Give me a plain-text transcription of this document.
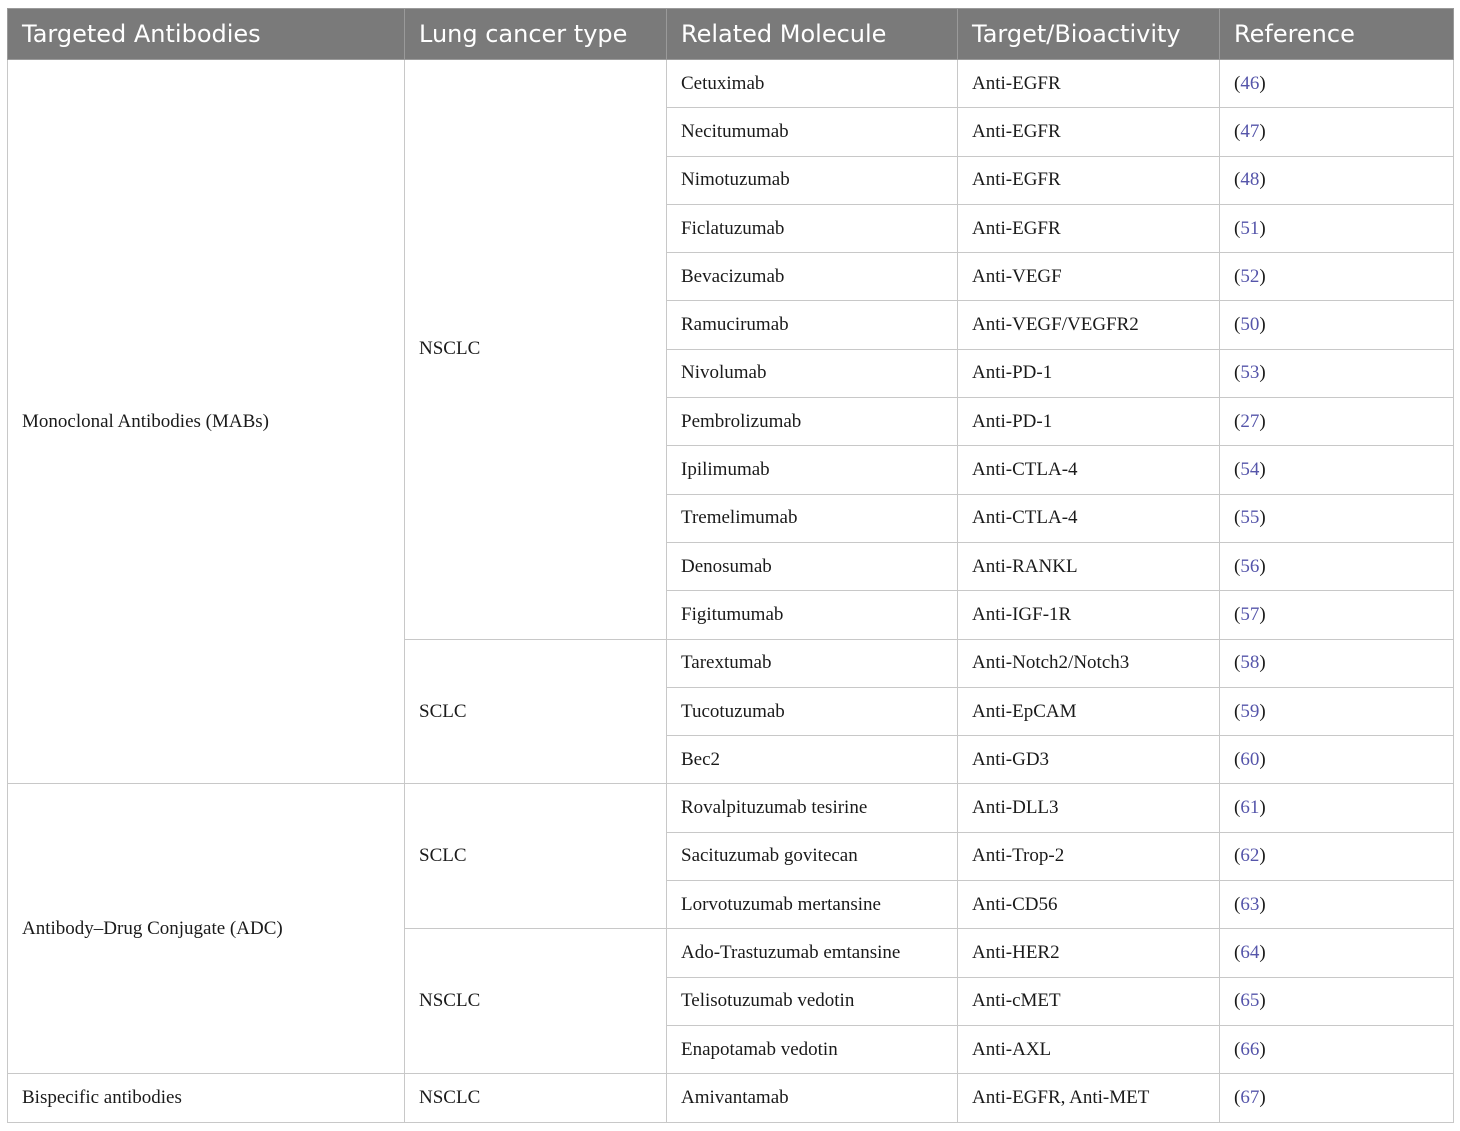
Targeted Antibodies	Lung cancer type	Related Molecule	Target/Bioactivity	Reference
Monoclonal Antibodies (MABs)	NSCLC	Cetuximab	Anti-EGFR	(46)
		Necitumumab	Anti-EGFR	(47)
		Nimotuzumab	Anti-EGFR	(48)
		Ficlatuzumab	Anti-EGFR	(51)
		Bevacizumab	Anti-VEGF	(52)
		Ramucirumab	Anti-VEGF/VEGFR2	(50)
		Nivolumab	Anti-PD-1	(53)
		Pembrolizumab	Anti-PD-1	(27)
		Ipilimumab	Anti-CTLA-4	(54)
		Tremelimumab	Anti-CTLA-4	(55)
		Denosumab	Anti-RANKL	(56)
		Figitumumab	Anti-IGF-1R	(57)
	SCLC	Tarextumab	Anti-Notch2/Notch3	(58)
		Tucotuzumab	Anti-EpCAM	(59)
		Bec2	Anti-GD3	(60)
Antibody–Drug Conjugate (ADC)	SCLC	Rovalpituzumab tesirine	Anti-DLL3	(61)
		Sacituzumab govitecan	Anti-Trop-2	(62)
		Lorvotuzumab mertansine	Anti-CD56	(63)
	NSCLC	Ado-Trastuzumab emtansine	Anti-HER2	(64)
		Telisotuzumab vedotin	Anti-cMET	(65)
		Enapotamab vedotin	Anti-AXL	(66)
Bispecific antibodies	NSCLC	Amivantamab	Anti-EGFR, Anti-MET	(67)
